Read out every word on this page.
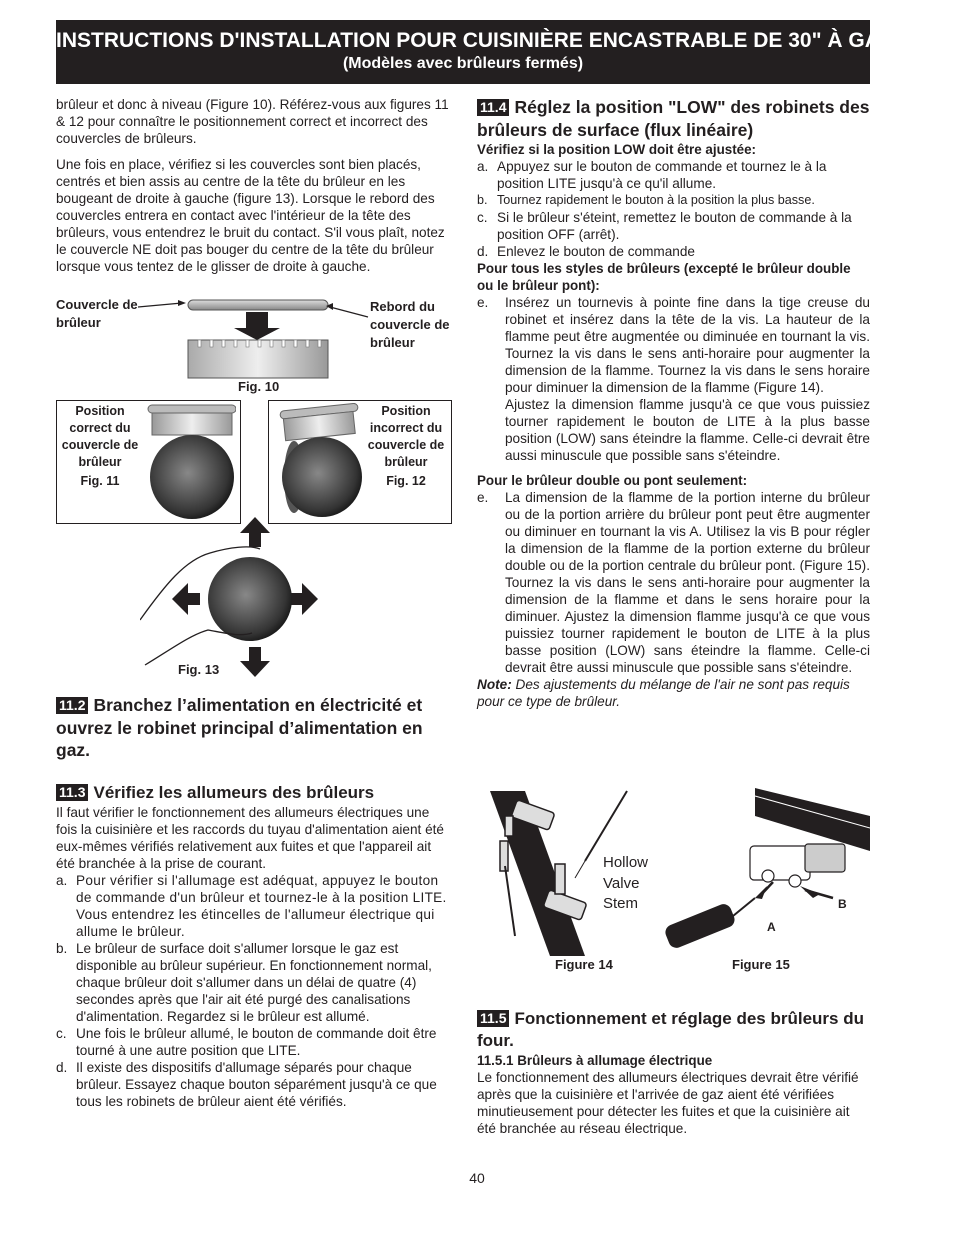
INSTRUCTIONS D'INSTALLATION POUR CUISINIÈRE ENCASTRABLE DE 30" À GAZ
(Modèles avec brûleurs fermés)

brûleur et donc à niveau (Figure 10). Référez-vous aux figures 11 & 12 pour connaître le positionnement correct et incorrect des couvercles de brûleurs.

Une fois en place, vérifiez si les couvercles sont bien placés, centrés et bien assis au centre de la tête du brûleur en les bougeant de droite à gauche (figure 13). Lorsque le rebord des couvercles entrera en contact avec l'intérieur de la tête des brûleurs, vous entendrez le bruit du contact. S'il vous plaît, notez le couvercle NE doit pas bouger du centre de la tête du brûleur lorsque vous tentez de le glisser de droite à gauche.

Couvercle de brûleur
Rebord du couvercle de brûleur
Fig. 10
Position correct du couvercle de brûleur
Fig. 11
Position incorrect du couvercle de brûleur
Fig. 12
Fig. 13
11.2 Branchez l’alimentation en électricité et ouvrez le robinet principal d’alimentation en gaz.
11.3 Vérifiez les allumeurs des brûleurs

Il faut vérifier le fonctionnement des allumeurs électriques une fois la cuisinière et les raccords du tuyau d'alimentation aient été eux-mêmes vérifiés relativement aux fuites et que l'appareil ait été branchée à la prise de courant.

a. Pour vérifier si l'allumage est adéquat, appuyez le bouton de commande d'un brûleur et tournez-le à la position LITE. Vous entendrez les étincelles de l'allumeur électrique qui allume le brûleur.
b. Le brûleur de surface doit s'allumer lorsque le gaz est disponible au brûleur supérieur. En fonctionnement normal, chaque brûleur doit s'allumer dans un délai de quatre (4) secondes après que l'air ait été purgé des canalisations d'alimentation. Regardez si le brûleur est allumé.
c. Une fois le brûleur allumé, le bouton de commande doit être tourné à une autre position que LITE.
d. Il existe des dispositifs d'allumage séparés pour chaque brûleur. Essayez chaque bouton séparément jusqu'à ce que tous les robinets de brûleur aient été vérifiés.
11.4 Réglez la position "LOW" des robinets des brûleurs de surface (flux linéaire)
Vérifiez si la position LOW doit être ajustée:
a. Appuyez sur le bouton de commande et tournez le à la position LITE jusqu'à ce qu'il allume.
b. Tournez rapidement le bouton à la position la plus basse.
c. Si le brûleur s'éteint, remettez le bouton de commande à la position OFF (arrêt).
d. Enlevez le bouton de commande
Pour tous les styles de brûleurs (excepté le brûleur double ou le brûleur pont):
e.	Insérez un tournevis à pointe fine dans la tige creuse du robinet et insérez dans la tête de la vis. La hauteur de la flamme peut être augmentée ou diminuée en tournant la vis. Tournez la vis dans le sens anti-horaire pour augmenter la dimension de la flamme. Tournez la vis dans le sens horaire pour diminuer la dimension de la flamme (Figure 14).
Ajustez la dimension flamme jusqu'à ce que vous puissiez tourner rapidement le bouton de LITE à la plus basse position (LOW) sans éteindre la flamme. Celle-ci devrait être aussi minuscule que possible sans s'éteindre.
Pour le brûleur double ou pont seulement:
e.	La dimension de la flamme de la portion interne du brûleur ou de la portion arrière du brûleur pont peut être augmenter ou diminuer en tournant la vis A. Utilisez la vis B pour régler la dimension de la flamme de la portion externe du brûleur double ou de la portion centrale du brûleur pont. (Figure 15). Tournez la vis dans le sens anti-horaire pour augmenter la dimension de la flamme et dans le sens horaire pour la diminuer. Ajustez la dimension flamme jusqu'à ce que vous puissiez tourner rapidement le bouton de LITE à la plus basse position (LOW) sans éteindre la flamme. Celle-ci devrait être aussi minuscule que possible sans s'éteindre.

Note: Des ajustements du mélange de l'air ne sont pas requis pour ce type de brûleur.

Hollow
Valve
Stem
Figure 14
A
B
Figure 15
11.5 Fonctionnement et réglage des brûleurs du four.
11.5.1 Brûleurs à allumage électrique

Le fonctionnement des allumeurs électriques devrait être vérifié après que la cuisinière et l'arrivée de gaz aient été vérifiées minutieusement pour détecter les fuites et que la cuisinière ait été branchée au réseau électrique.

40
